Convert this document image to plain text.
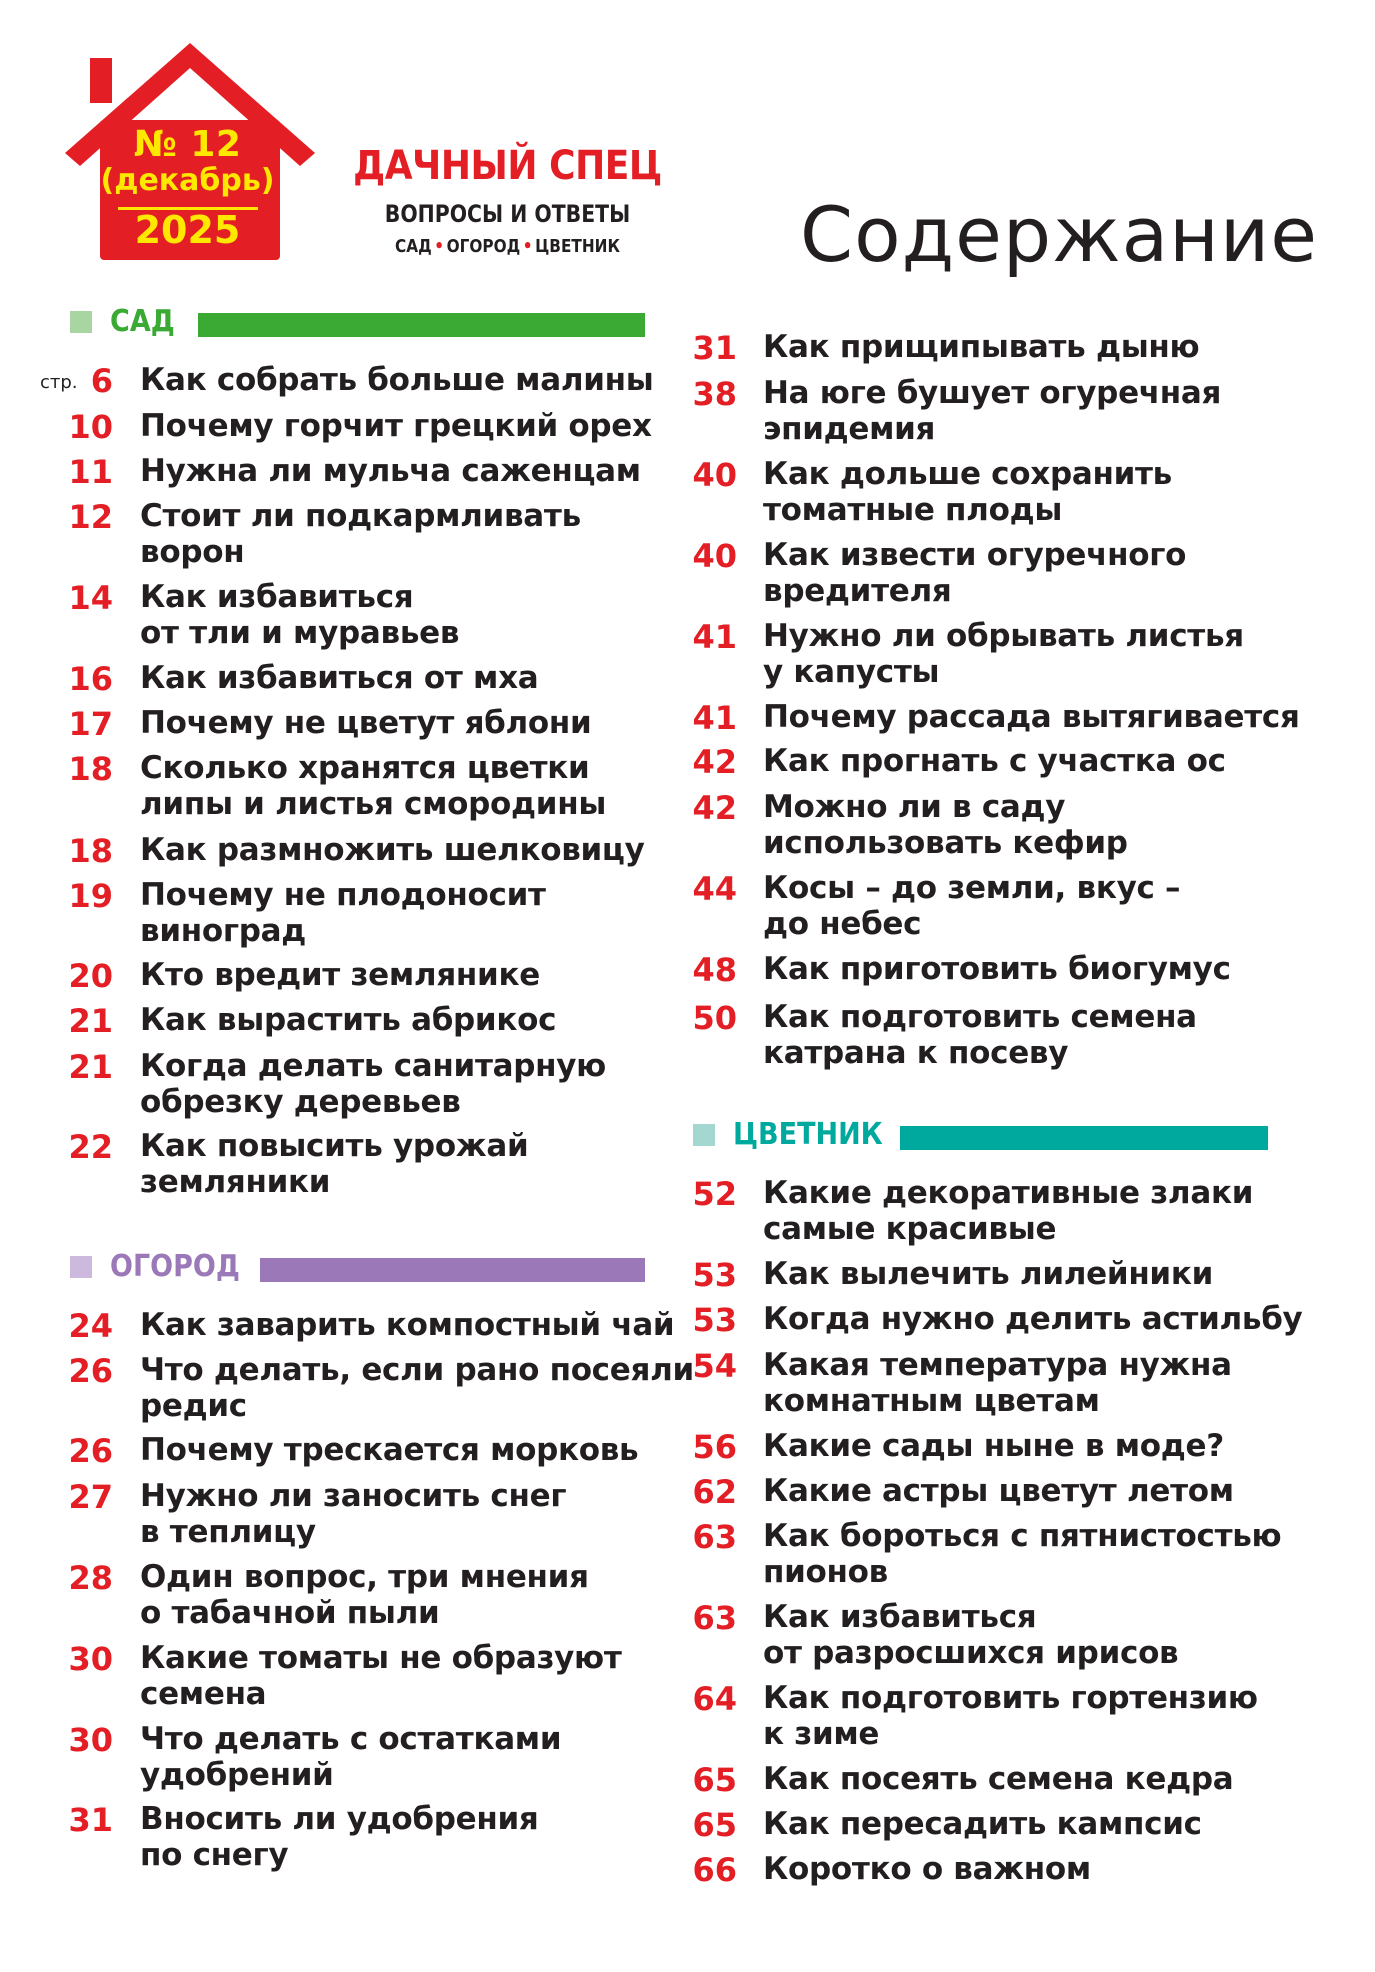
№ 12
(декабрь)
2025
ДАЧНЫЙ СПЕЦ
ВОПРОСЫ И ОТВЕТЫ
САД • ОГОРОД • ЦВЕТНИК	Содержание
САД
ОГОРОД
ЦВЕТНИК
стр. 6 Как собрать больше малины
10 Почему горчит грецкий орех
11 Нужна ли мульча саженцам
12 Стоит ли подкармливать
ворон
14 Как избавиться
от тли и муравьев
16 Как избавиться от мха
17 Почему не цветут яблони
18 Сколько хранятся цветки
липы и листья смородины
18 Как размножить шелковицу
19 Почему не плодоносит
виноград
20 Кто вредит землянике
21 Как вырастить абрикос
21 Когда делать санитарную
обрезку деревьев
22 Как повысить урожай
земляники
24 Как заварить компостный чай
26 Что делать, если рано посеяли
редис
26 Почему трескается морковь
27 Нужно ли заносить снег
в теплицу
28 Один вопрос, три мнения
о табачной пыли
30 Какие томаты не образуют
семена
30 Что делать с остатками
удобрений
31 Вносить ли удобрения
по снегу
31 Как прищипывать дыню
38 На юге бушует огуречная
эпидемия
40 Как дольше сохранить
томатные плоды
40 Как извести огуречного
вредителя
41 Нужно ли обрывать листья
у капусты
41 Почему рассада вытягивается
42 Как прогнать с участка ос
42 Можно ли в саду
использовать кефир
44 Косы – до земли, вкус –
до небес
48 Как приготовить биогумус
50 Как подготовить семена
катрана к посеву
52 Какие декоративные злаки
самые красивые
53 Как вылечить лилейники
53 Когда нужно делить астильбу
54 Какая температура нужна
комнатным цветам
56 Какие сады ныне в моде?
62 Какие астры цветут летом
63 Как бороться с пятнистостью
пионов
63 Как избавиться
от разросшихся ирисов
64 Как подготовить гортензию
к зиме
65 Как посеять семена кедра
65 Как пересадить кампсис
66 Коротко о важном
